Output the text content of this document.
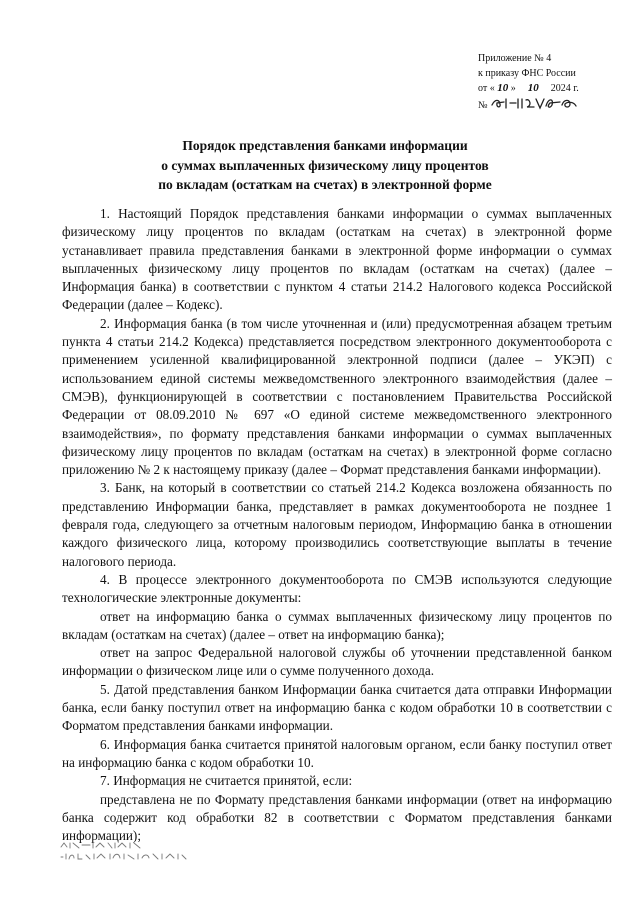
Приложение № 4
к приказу ФНС России
от « 10 » 10 2024 г.
№
Порядок представления банками информации
о суммах выплаченных физическому лицу процентов
по вкладам (остаткам на счетах) в электронной форме

1. Настоящий Порядок представления банками информации о суммах выплаченных физическому лицу процентов по вкладам (остаткам на счетах) в электронной форме устанавливает правила представления банками в электронной форме информации о суммах выплаченных физическому лицу процентов по вкладам (остаткам на счетах) (далее – Информация банка) в соответствии с пунктом 4 статьи 214.2 Налогового кодекса Российской Федерации (далее – Кодекс).

2. Информация банка (в том числе уточненная и (или) предусмотренная абзацем третьим пункта 4 статьи 214.2 Кодекса) представляется посредством электронного документооборота с применением усиленной квалифицированной электронной подписи (далее – УКЭП) с использованием единой системы межведомственного электронного взаимодействия (далее – СМЭВ), функционирующей в соответствии с постановлением Правительства Российской Федерации от 08.09.2010 № 697 «О единой системе межведомственного электронного взаимодействия», по формату представления банками информации о суммах выплаченных физическому лицу процентов по вкладам (остаткам на счетах) в электронной форме согласно приложению № 2 к настоящему приказу (далее – Формат представления банками информации).

3. Банк, на который в соответствии со статьей 214.2 Кодекса возложена обязанность по представлению Информации банка, представляет в рамках документооборота не позднее 1 февраля года, следующего за отчетным налоговым периодом, Информацию банка в отношении каждого физического лица, которому производились соответствующие выплаты в течение налогового периода.

4. В процессе электронного документооборота по СМЭВ используются следующие технологические электронные документы:

ответ на информацию банка о суммах выплаченных физическому лицу процентов по вкладам (остаткам на счетах) (далее – ответ на информацию банка);

ответ на запрос Федеральной налоговой службы об уточнении представленной банком информации о физическом лице или о сумме полученного дохода.

5. Датой представления банком Информации банка считается дата отправки Информации банка, если банку поступил ответ на информацию банка с кодом обработки 10 в соответствии с Форматом представления банками информации.

6. Информация банка считается принятой налоговым органом, если банку поступил ответ на информацию банка с кодом обработки 10.

7. Информация не считается принятой, если:

представлена не по Формату представления банками информации (ответ на информацию банка содержит код обработки 82 в соответствии с Форматом представления банками информации);
